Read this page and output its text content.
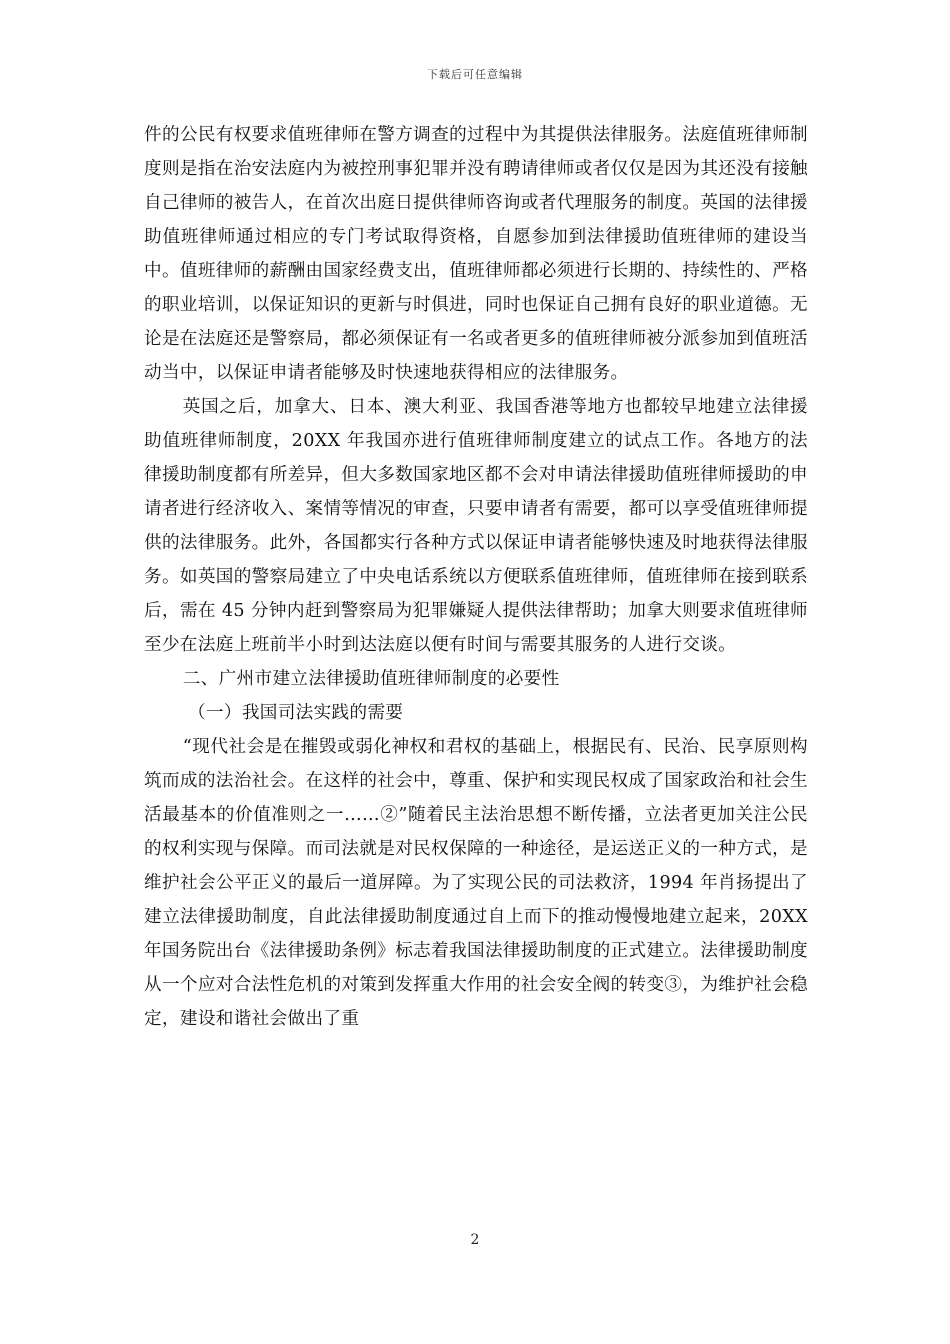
下载后可任意编辑

件的公民有权要求值班律师在警方调查的过程中为其提供法律服务。法庭值班律师制度则是指在治安法庭内为被控刑事犯罪并没有聘请律师或者仅仅是因为其还没有接触自己律师的被告人，在首次出庭日提供律师咨询或者代理服务的制度。英国的法律援助值班律师通过相应的专门考试取得资格，自愿参加到法律援助值班律师的建设当中。值班律师的薪酬由国家经费支出，值班律师都必须进行长期的、持续性的、严格的职业培训，以保证知识的更新与时俱进，同时也保证自己拥有良好的职业道德。无论是在法庭还是警察局，都必须保证有一名或者更多的值班律师被分派参加到值班活动当中，以保证申请者能够及时快速地获得相应的法律服务。

英国之后，加拿大、日本、澳大利亚、我国香港等地方也都较早地建立法律援助值班律师制度，20XX 年我国亦进行值班律师制度建立的试点工作。各地方的法律援助制度都有所差异，但大多数国家地区都不会对申请法律援助值班律师援助的申请者进行经济收入、案情等情况的审查，只要申请者有需要，都可以享受值班律师提供的法律服务。此外，各国都实行各种方式以保证申请者能够快速及时地获得法律服务。如英国的警察局建立了中央电话系统以方便联系值班律师，值班律师在接到联系后，需在 45 分钟内赶到警察局为犯罪嫌疑人提供法律帮助；加拿大则要求值班律师至少在法庭上班前半小时到达法庭以便有时间与需要其服务的人进行交谈。

二、广州市建立法律援助值班律师制度的必要性

（一）我国司法实践的需要

“现代社会是在摧毁或弱化神权和君权的基础上，根据民有、民治、民享原则构筑而成的法治社会。在这样的社会中，尊重、保护和实现民权成了国家政治和社会生活最基本的价值准则之一……②”随着民主法治思想不断传播，立法者更加关注公民的权利实现与保障。而司法就是对民权保障的一种途径，是运送正义的一种方式，是维护社会公平正义的最后一道屏障。为了实现公民的司法救济，1994 年肖扬提出了建立法律援助制度，自此法律援助制度通过自上而下的推动慢慢地建立起来，20XX 年国务院出台《法律援助条例》标志着我国法律援助制度的正式建立。法律援助制度从一个应对合法性危机的对策到发挥重大作用的社会安全阀的转变③，为维护社会稳定，建设和谐社会做出了重

2
